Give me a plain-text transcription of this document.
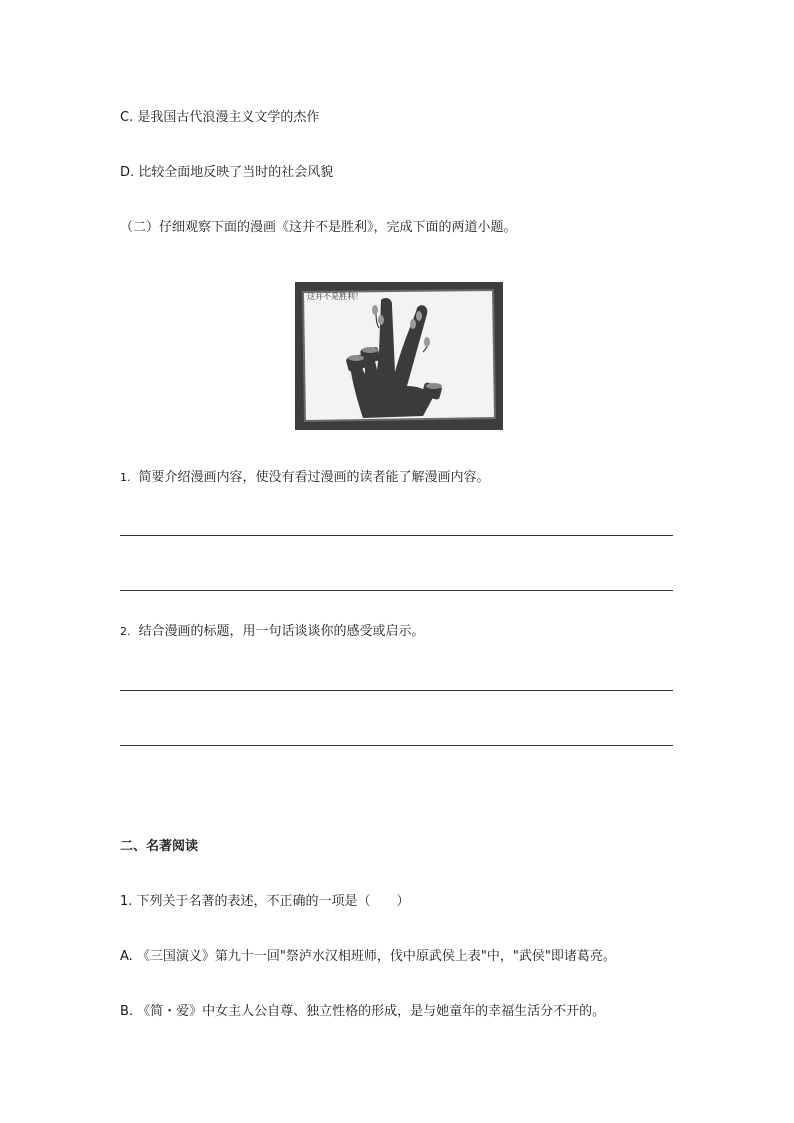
C. 是我国古代浪漫主义文学的杰作
D. 比较全面地反映了当时的社会风貌
（二）仔细观察下面的漫画《这并不是胜利》，完成下面的两道小题。
这并不是胜利！
1. 简要介绍漫画内容，使没有看过漫画的读者能了解漫画内容。
2. 结合漫画的标题，用一句话谈谈你的感受或启示。
二、名著阅读
1. 下列关于名著的表述，不正确的一项是（　　）
A. 《三国演义》第九十一回"祭泸水汉相班师，伐中原武侯上表"中，"武侯"即诸葛亮。
B. 《简・爱》中女主人公自尊、独立性格的形成，是与她童年的幸福生活分不开的。
